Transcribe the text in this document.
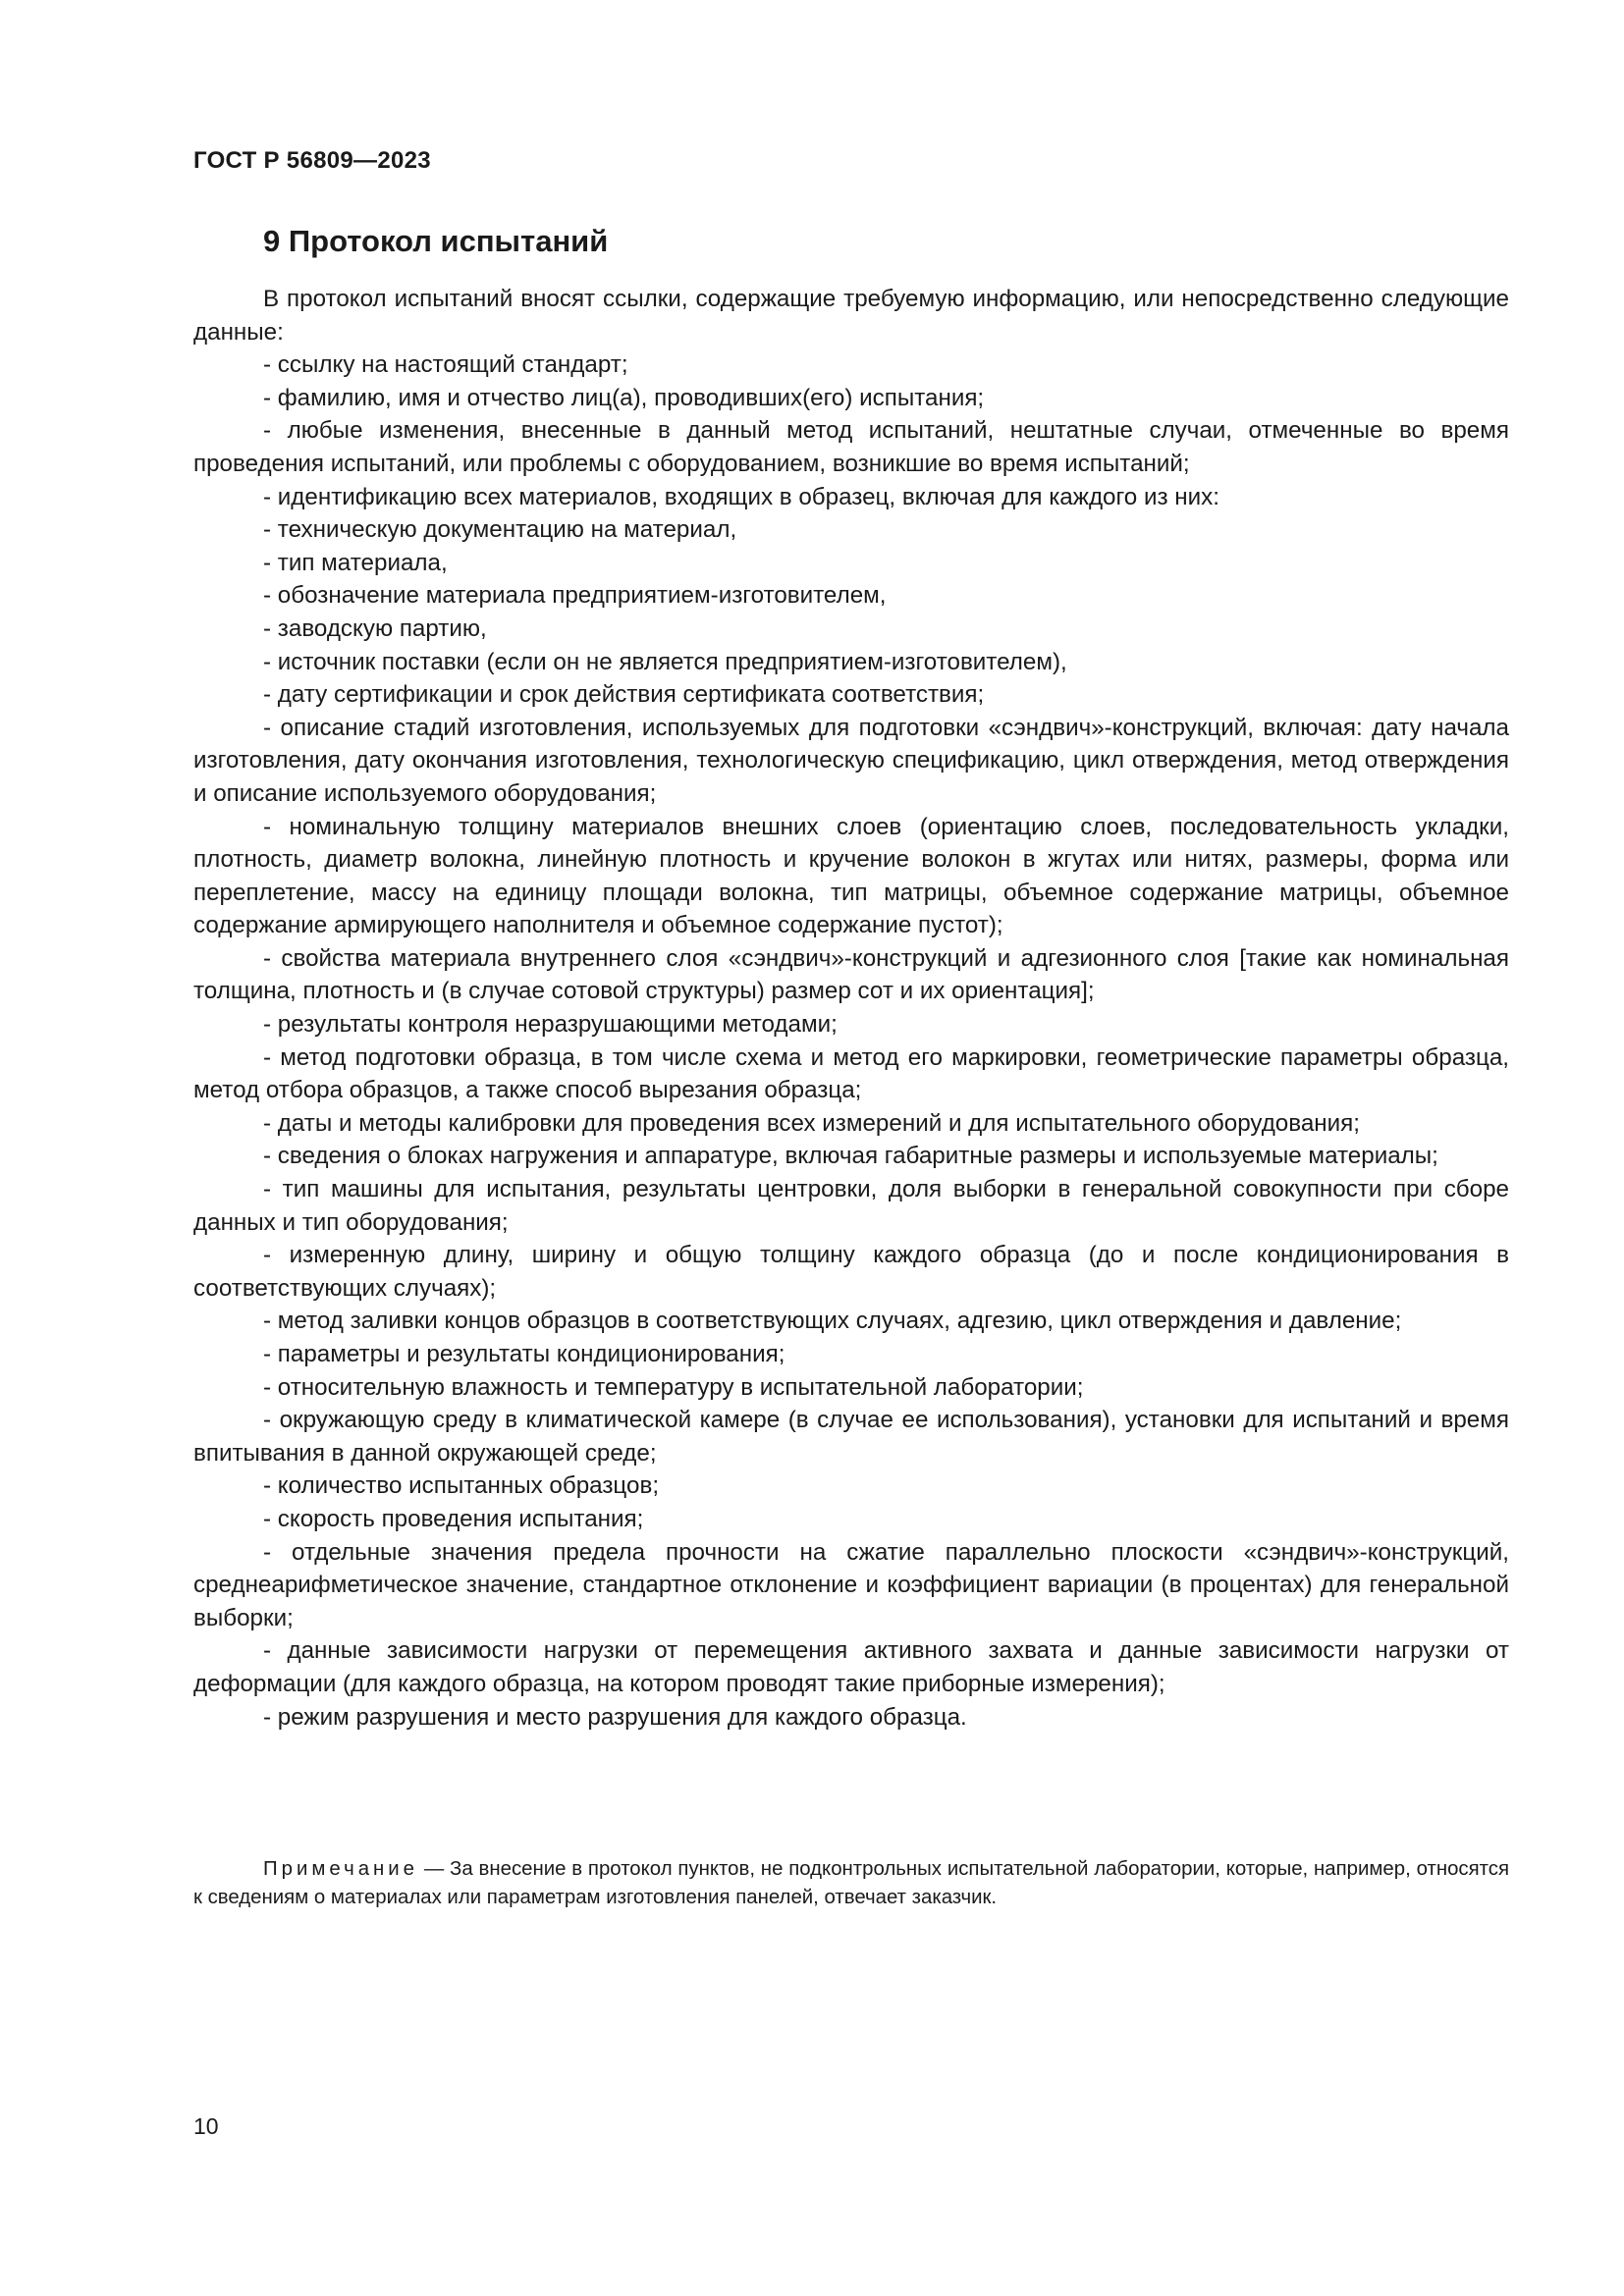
ГОСТ Р 56809—2023
9 Протокол испытаний

В протокол испытаний вносят ссылки, содержащие требуемую информацию, или непосредственно следующие данные:

- ссылку на настоящий стандарт;

- фамилию, имя и отчество лиц(а), проводивших(его) испытания;

- любые изменения, внесенные в данный метод испытаний, нештатные случаи, отмеченные во время проведения испытаний, или проблемы с оборудованием, возникшие во время испытаний;

- идентификацию всех материалов, входящих в образец, включая для каждого из них:

- техническую документацию на материал,

- тип материала,

- обозначение материала предприятием-изготовителем,

- заводскую партию,

- источник поставки (если он не является предприятием-изготовителем),

- дату сертификации и срок действия сертификата соответствия;

- описание стадий изготовления, используемых для подготовки «сэндвич»-конструкций, включая: дату начала изготовления, дату окончания изготовления, технологическую спецификацию, цикл отверждения, метод отверждения и описание используемого оборудования;

- номинальную толщину материалов внешних слоев (ориентацию слоев, последовательность укладки, плотность, диаметр волокна, линейную плотность и кручение волокон в жгутах или нитях, размеры, форма или переплетение, массу на единицу площади волокна, тип матрицы, объемное содержание матрицы, объемное содержание армирующего наполнителя и объемное содержание пустот);

- свойства материала внутреннего слоя «сэндвич»-конструкций и адгезионного слоя [такие как номинальная толщина, плотность и (в случае сотовой структуры) размер сот и их ориентация];

- результаты контроля неразрушающими методами;

- метод подготовки образца, в том числе схема и метод его маркировки, геометрические параметры образца, метод отбора образцов, а также способ вырезания образца;

- даты и методы калибровки для проведения всех измерений и для испытательного оборудования;

- сведения о блоках нагружения и аппаратуре, включая габаритные размеры и используемые материалы;

- тип машины для испытания, результаты центровки, доля выборки в генеральной совокупности при сборе данных и тип оборудования;

- измеренную длину, ширину и общую толщину каждого образца (до и после кондиционирования в соответствующих случаях);

- метод заливки концов образцов в соответствующих случаях, адгезию, цикл отверждения и давление;

- параметры и результаты кондиционирования;

- относительную влажность и температуру в испытательной лаборатории;

- окружающую среду в климатической камере (в случае ее использования), установки для испытаний и время впитывания в данной окружающей среде;

- количество испытанных образцов;

- скорость проведения испытания;

- отдельные значения предела прочности на сжатие параллельно плоскости «сэндвич»-конструкций, среднеарифметическое значение, стандартное отклонение и коэффициент вариации (в процентах) для генеральной выборки;

- данные зависимости нагрузки от перемещения активного захвата и данные зависимости нагрузки от деформации (для каждого образца, на котором проводят такие приборные измерения);

- режим разрушения и место разрушения для каждого образца.

Примечание — За внесение в протокол пунктов, не подконтрольных испытательной лаборатории, которые, например, относятся к сведениям о материалах или параметрам изготовления панелей, отвечает заказчик.

10
